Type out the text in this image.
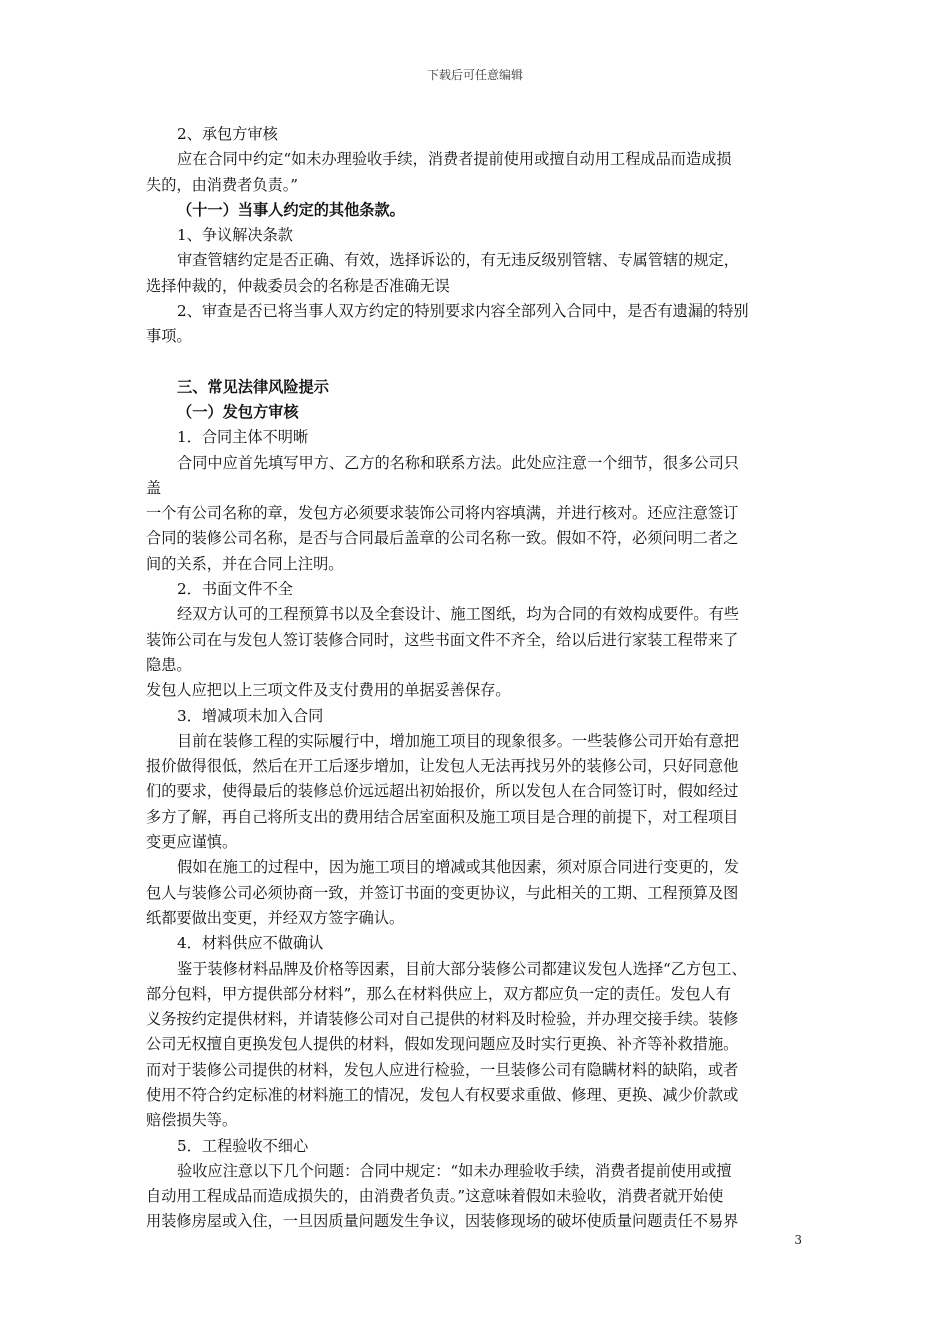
下载后可任意编辑

2、承包方审核

应在合同中约定“如未办理验收手续，消费者提前使用或擅自动用工程成品而造成损

失的，由消费者负责。”

（十一）当事人约定的其他条款。

1、争议解决条款

审查管辖约定是否正确、有效，选择诉讼的，有无违反级别管辖、专属管辖的规定，

选择仲裁的，仲裁委员会的名称是否准确无误

2、审查是否已将当事人双方约定的特别要求内容全部列入合同中，是否有遗漏的特别

事项。

三、常见法律风险提示

（一）发包方审核

1．合同主体不明晰

合同中应首先填写甲方、乙方的名称和联系方法。此处应注意一个细节，很多公司只

盖

一个有公司名称的章，发包方必须要求装饰公司将内容填满，并进行核对。还应注意签订

合同的装修公司名称，是否与合同最后盖章的公司名称一致。假如不符，必须问明二者之

间的关系，并在合同上注明。

2．书面文件不全

经双方认可的工程预算书以及全套设计、施工图纸，均为合同的有效构成要件。有些

装饰公司在与发包人签订装修合同时，这些书面文件不齐全，给以后进行家装工程带来了

隐患。

发包人应把以上三项文件及支付费用的单据妥善保存。

3．增减项未加入合同

目前在装修工程的实际履行中，增加施工项目的现象很多。一些装修公司开始有意把

报价做得很低，然后在开工后逐步增加，让发包人无法再找另外的装修公司，只好同意他

们的要求，使得最后的装修总价远远超出初始报价，所以发包人在合同签订时，假如经过

多方了解，再自己将所支出的费用结合居室面积及施工项目是合理的前提下，对工程项目

变更应谨慎。

假如在施工的过程中，因为施工项目的增减或其他因素，须对原合同进行变更的，发

包人与装修公司必须协商一致，并签订书面的变更协议，与此相关的工期、工程预算及图

纸都要做出变更，并经双方签字确认。

4．材料供应不做确认

鉴于装修材料品牌及价格等因素，目前大部分装修公司都建议发包人选择“乙方包工、

部分包料，甲方提供部分材料”，那么在材料供应上，双方都应负一定的责任。发包人有

义务按约定提供材料，并请装修公司对自己提供的材料及时检验，并办理交接手续。装修

公司无权擅自更换发包人提供的材料，假如发现问题应及时实行更换、补齐等补救措施。

而对于装修公司提供的材料，发包人应进行检验，一旦装修公司有隐瞒材料的缺陷，或者

使用不符合约定标准的材料施工的情况，发包人有权要求重做、修理、更换、减少价款或

赔偿损失等。

5．工程验收不细心

验收应注意以下几个问题：合同中规定：“如未办理验收手续，消费者提前使用或擅

自动用工程成品而造成损失的，由消费者负责。”这意味着假如未验收，消费者就开始使

用装修房屋或入住，一旦因质量问题发生争议，因装修现场的破坏使质量问题责任不易界

3
